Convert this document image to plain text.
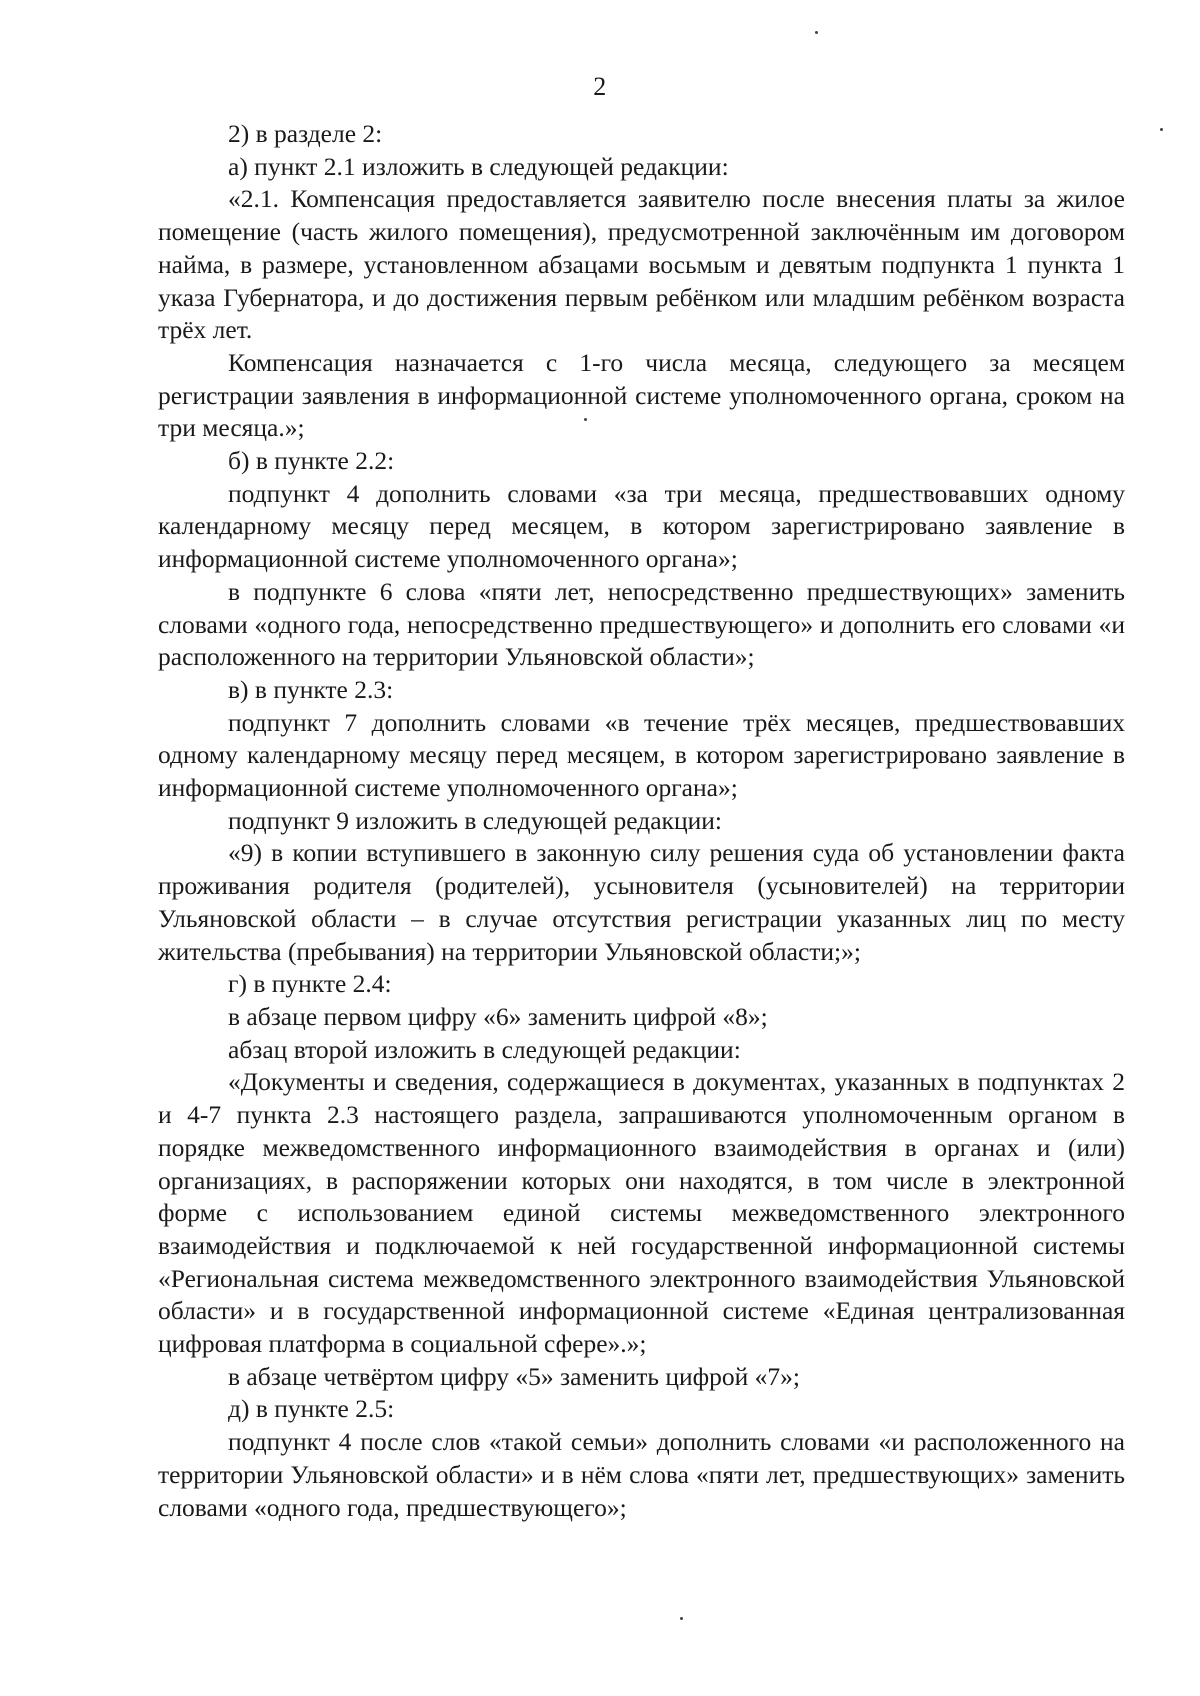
2

2) в разделе 2:

а) пункт 2.1 изложить в следующей редакции:

«2.1. Компенсация предоставляется заявителю после внесения платы за жилое помещение (часть жилого помещения), предусмотренной заключённым им договором найма, в размере, установленном абзацами восьмым и девятым подпункта 1 пункта 1 указа Губернатора, и до достижения первым ребёнком или младшим ребёнком возраста трёх лет.

Компенсация назначается с 1-го числа месяца, следующего за месяцем регистрации заявления в информационной системе уполномоченного органа, сроком на три месяца.»;

б) в пункте 2.2:

подпункт 4 дополнить словами «за три месяца, предшествовавших одному календарному месяцу перед месяцем, в котором зарегистрировано заявление в информационной системе уполномоченного органа»;

в подпункте 6 слова «пяти лет, непосредственно предшествующих» заменить словами «одного года, непосредственно предшествующего» и дополнить его словами «и расположенного на территории Ульяновской области»;

в) в пункте 2.3:

подпункт 7 дополнить словами «в течение трёх месяцев, предшествовавших одному календарному месяцу перед месяцем, в котором зарегистрировано заявление в информационной системе уполномоченного органа»;

подпункт 9 изложить в следующей редакции:

«9) в копии вступившего в законную силу решения суда об установлении факта проживания родителя (родителей), усыновителя (усыновителей) на территории Ульяновской области – в случае отсутствия регистрации указанных лиц по месту жительства (пребывания) на территории Ульяновской области;»;

г) в пункте 2.4:

в абзаце первом цифру «6» заменить цифрой «8»;

абзац второй изложить в следующей редакции:

«Документы и сведения, содержащиеся в документах, указанных в подпунктах 2 и 4-7 пункта 2.3 настоящего раздела, запрашиваются уполномоченным органом в порядке межведомственного информационного взаимодействия в органах и (или) организациях, в распоряжении которых они находятся, в том числе в электронной форме с использованием единой системы межведомственного электронного взаимодействия и подключаемой к ней государственной информационной системы «Региональная система межведомственного электронного взаимодействия Ульяновской области» и в государственной информационной системе «Единая централизованная цифровая платформа в социальной сфере».»;

в абзаце четвёртом цифру «5» заменить цифрой «7»;

д) в пункте 2.5:

подпункт 4 после слов «такой семьи» дополнить словами «и расположенного на территории Ульяновской области» и в нём слова «пяти лет, предшествующих» заменить словами «одного года, предшествующего»;
